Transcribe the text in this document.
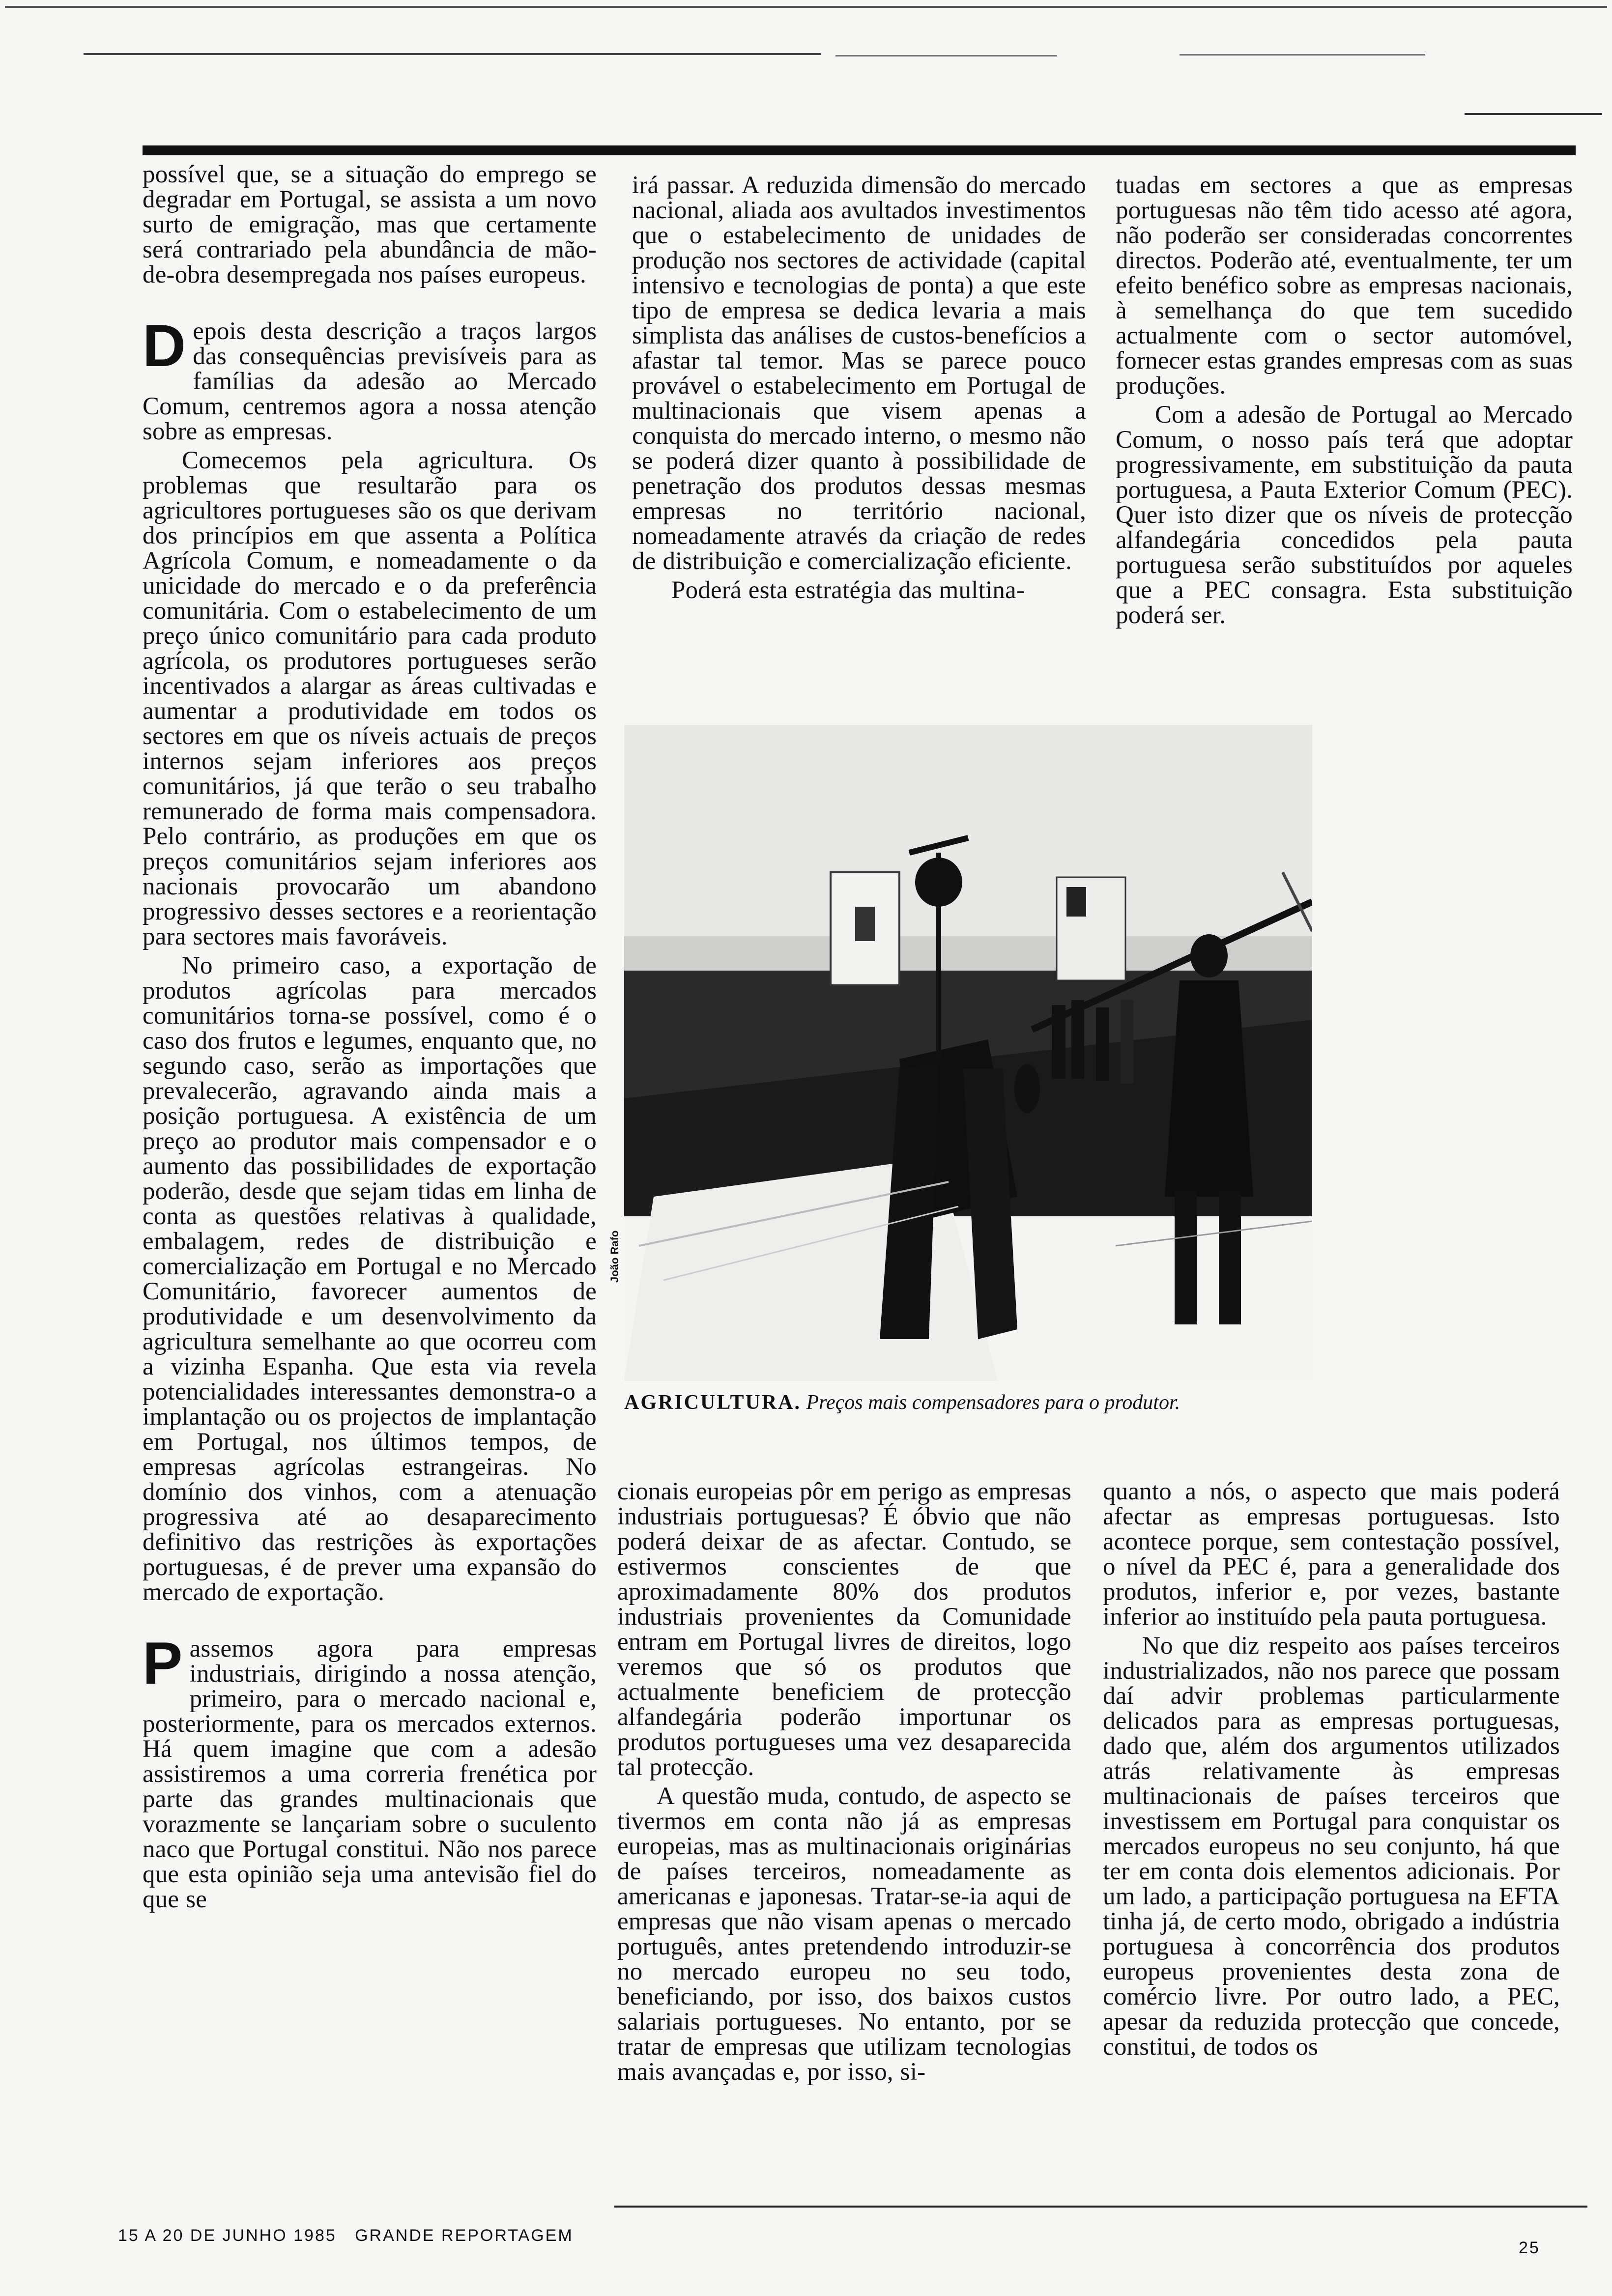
possível que, se a situação do emprego se degradar em Portugal, se assista a um novo surto de emigração, mas que certamente será contrariado pela abundância de mão-de-obra desempregada nos países europeus.

Depois desta descrição a traços largos das consequências previsíveis para as famílias da adesão ao Mercado Comum, centremos agora a nossa atenção sobre as empresas.

Comecemos pela agricultura. Os problemas que resultarão para os agricultores portugueses são os que derivam dos princípios em que assenta a Política Agrícola Comum, e nomeadamente o da unicidade do mercado e o da preferência comunitária. Com o estabelecimento de um preço único comunitário para cada produto agrícola, os produtores portugueses serão incentivados a alargar as áreas cultivadas e aumentar a produtividade em todos os sectores em que os níveis actuais de preços internos sejam inferiores aos preços comunitários, já que terão o seu trabalho remunerado de forma mais compensadora. Pelo contrário, as produções em que os preços comunitários sejam inferiores aos nacionais provocarão um abandono progressivo desses sectores e a reorientação para sectores mais favoráveis.

No primeiro caso, a exportação de produtos agrícolas para mercados comunitários torna-se possível, como é o caso dos frutos e legumes, enquanto que, no segundo caso, serão as importações que prevalecerão, agravando ainda mais a posição portuguesa. A existência de um preço ao produtor mais compensador e o aumento das possibilidades de exportação poderão, desde que sejam tidas em linha de conta as questões relativas à qualidade, embalagem, redes de distribuição e comercialização em Portugal e no Mercado Comunitário, favorecer aumentos de produtividade e um desenvolvimento da agricultura semelhante ao que ocorreu com a vizinha Espanha. Que esta via revela potencialidades interessantes demonstra-o a implantação ou os projectos de implantação em Portugal, nos últimos tempos, de empresas agrícolas estrangeiras. No domínio dos vinhos, com a atenuação progressiva até ao desaparecimento definitivo das restrições às exportações portuguesas, é de prever uma expansão do mercado de exportação.

Passemos agora para empresas industriais, dirigindo a nossa atenção, primeiro, para o mercado nacional e, posteriormente, para os mercados externos. Há quem imagine que com a adesão assistiremos a uma correria frenética por parte das grandes multinacionais que vorazmente se lançariam sobre o suculento naco que Portugal constitui. Não nos parece que esta opinião seja uma antevisão fiel do que se

irá passar. A reduzida dimensão do mercado nacional, aliada aos avultados investimentos que o estabelecimento de unidades de produção nos sectores de actividade (capital intensivo e tecnologias de ponta) a que este tipo de empresa se dedica levaria a mais simplista das análises de custos-benefícios a afastar tal temor. Mas se parece pouco provável o estabelecimento em Portugal de multinacionais que visem apenas a conquista do mercado interno, o mesmo não se poderá dizer quanto à possibilidade de penetração dos produtos dessas mesmas empresas no território nacional, nomeadamente através da criação de redes de distribuição e comercialização eficiente.

Poderá esta estratégia das multina-

tuadas em sectores a que as empresas portuguesas não têm tido acesso até agora, não poderão ser consideradas concorrentes directos. Poderão até, eventualmente, ter um efeito benéfico sobre as empresas nacionais, à semelhança do que tem sucedido actualmente com o sector automóvel, fornecer estas grandes empresas com as suas produções.

Com a adesão de Portugal ao Mercado Comum, o nosso país terá que adoptar progressivamente, em substituição da pauta portuguesa, a Pauta Exterior Comum (PEC). Quer isto dizer que os níveis de protecção alfandegária concedidos pela pauta portuguesa serão substituídos por aqueles que a PEC consagra. Esta substituição poderá ser.

João Rafo
AGRICULTURA. Preços mais compensadores para o produtor.

cionais europeias pôr em perigo as empresas industriais portuguesas? É óbvio que não poderá deixar de as afectar. Contudo, se estivermos conscientes de que aproximadamente 80% dos produtos industriais provenientes da Comunidade entram em Portugal livres de direitos, logo veremos que só os produtos que actualmente beneficiem de protecção alfandegária poderão importunar os produtos portugueses uma vez desaparecida tal protecção.

A questão muda, contudo, de aspecto se tivermos em conta não já as empresas europeias, mas as multinacionais originárias de países terceiros, nomeadamente as americanas e japonesas. Tratar-se-ia aqui de empresas que não visam apenas o mercado português, antes pretendendo introduzir-se no mercado europeu no seu todo, beneficiando, por isso, dos baixos custos salariais portugueses. No entanto, por se tratar de empresas que utilizam tecnologias mais avançadas e, por isso, si-

quanto a nós, o aspecto que mais poderá afectar as empresas portuguesas. Isto acontece porque, sem contestação possível, o nível da PEC é, para a generalidade dos produtos, inferior e, por vezes, bastante inferior ao instituído pela pauta portuguesa.

No que diz respeito aos países terceiros industrializados, não nos parece que possam daí advir problemas particularmente delicados para as empresas portuguesas, dado que, além dos argumentos utilizados atrás relativamente às empresas multinacionais de países terceiros que investissem em Portugal para conquistar os mercados europeus no seu conjunto, há que ter em conta dois elementos adicionais. Por um lado, a participação portuguesa na EFTA tinha já, de certo modo, obrigado a indústria portuguesa à concorrência dos produtos europeus provenientes desta zona de comércio livre. Por outro lado, a PEC, apesar da reduzida protecção que concede, constitui, de todos os

15 A 20 DE JUNHO 1985   GRANDE REPORTAGEM
25
